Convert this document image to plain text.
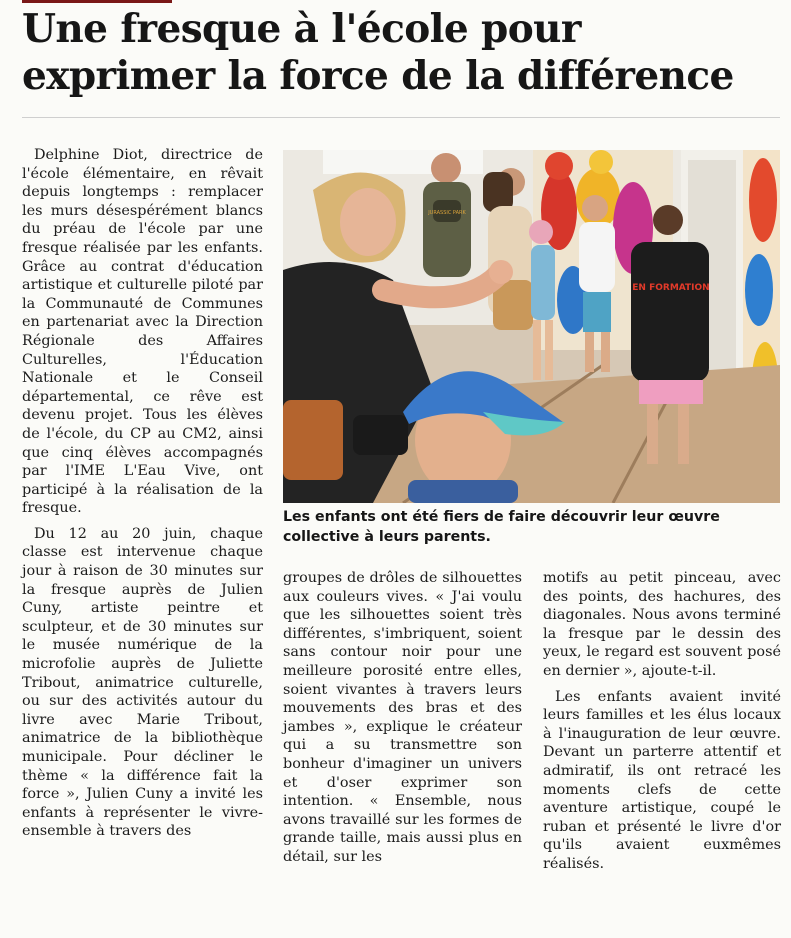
Une fresque à l'école pour
exprimer la force de la différence

Delphine Diot, directrice de l'école élémentaire, en rêvait depuis longtemps : remplacer les murs désespérément blancs du préau de l'école par une fresque réalisée par les enfants. Grâce au contrat d'éducation artistique et culturelle piloté par la Communauté de Communes en partenariat avec la Direction Régionale des Affaires Culturelles, l'Éducation Nationale et le Conseil départemental, ce rêve est devenu projet. Tous les élèves de l'école, du CP au CM2, ainsi que cinq élèves accompagnés par l'IME L'Eau Vive, ont participé à la réalisation de la fresque.

Du 12 au 20 juin, chaque classe est intervenue chaque jour à raison de 30 minutes sur la fresque auprès de Julien Cuny, artiste peintre et sculpteur, et de 30 minutes sur le musée numérique de la microfolie auprès de Juliette Tribout, animatrice culturelle, ou sur des activités autour du livre avec Marie Tribout, animatrice de la bibliothèque municipale. Pour décliner le thème « la différence fait la force », Julien Cuny a invité les enfants à représenter le vivre-ensemble à travers des

JURASSIC PARK
EN FORMATION

Les enfants ont été fiers de faire découvrir leur œuvre
collective à leurs parents.

groupes de drôles de silhouettes aux couleurs vives. « J'ai voulu que les silhouettes soient très différentes, s'imbriquent, soient sans contour noir pour une meilleure porosité entre elles, soient vivantes à travers leurs mouvements des bras et des jambes », explique le créateur qui a su transmettre son bonheur d'imaginer un univers et d'oser exprimer son intention. « Ensemble, nous avons travaillé sur les formes de grande taille, mais aussi plus en détail, sur les

motifs au petit pinceau, avec des points, des hachures, des diagonales. Nous avons terminé la fresque par le dessin des yeux, le regard est souvent posé en dernier », ajoute-t-il.

Les enfants avaient invité leurs familles et les élus locaux à l'inauguration de leur œuvre. Devant un parterre attentif et admiratif, ils ont retracé les moments clefs de cette aventure artistique, coupé le ruban et présenté le livre d'or qu'ils avaient euxmêmes réalisés.
